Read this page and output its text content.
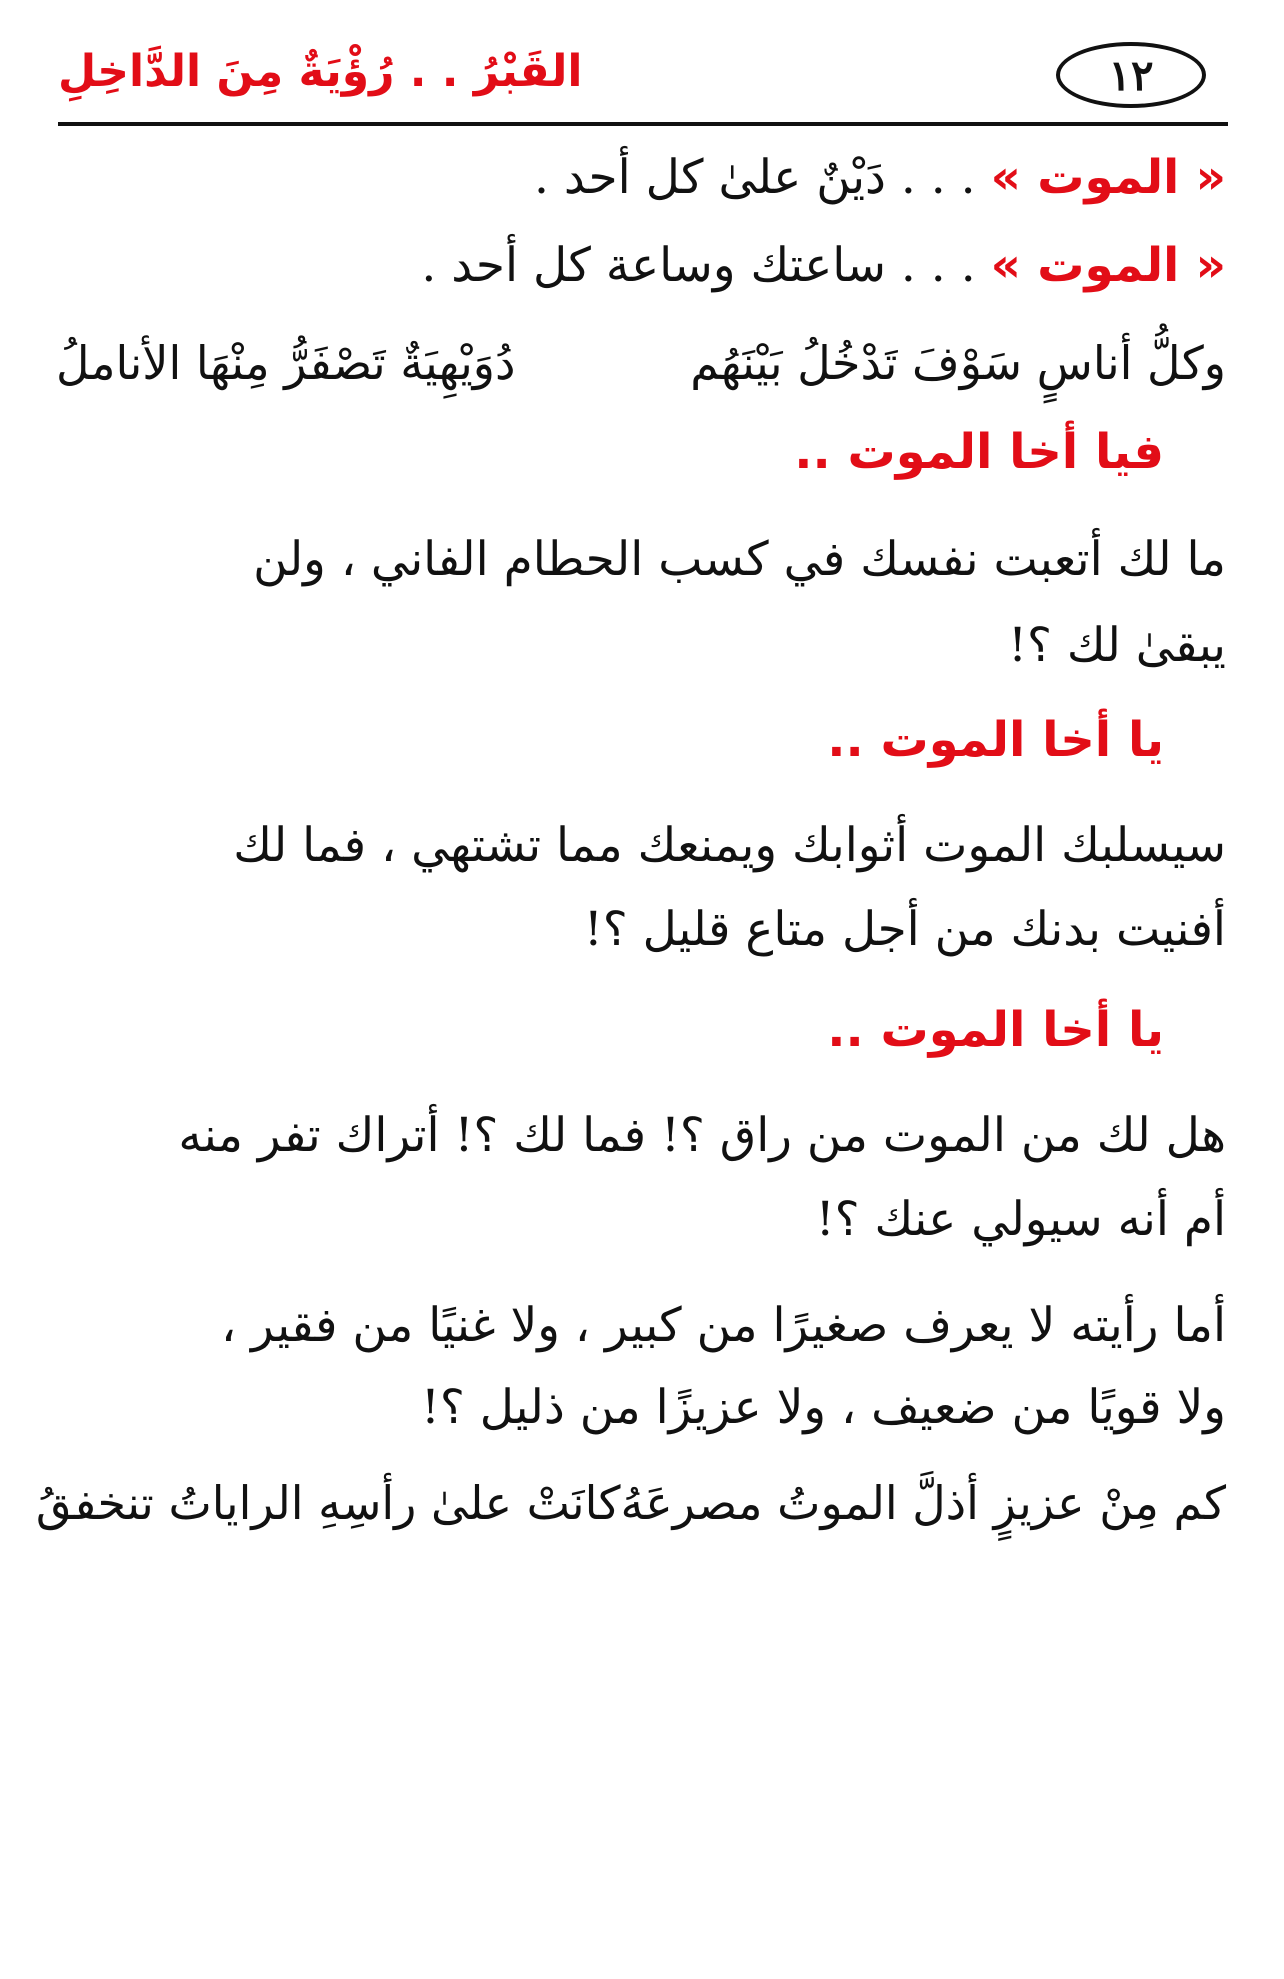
١٢
القَبْرُ . . رُؤْيَةٌ مِنَ الدَّاخِلِ
« الموت » . . . دَيْنٌ علىٰ كل أحد .
« الموت » . . . ساعتك وساعة كل أحد .
وكلُّ أناسٍ سَوْفَ تَدْخُلُ بَيْنَهُم
دُوَيْهِيَةٌ تَصْفَرُّ مِنْهَا الأناملُ
فيا أخا الموت ..
ما لك أتعبت نفسك في كسب الحطام الفاني ، ولن
يبقىٰ لك ؟!
يا أخا الموت ..
سيسلبك الموت أثوابك ويمنعك مما تشتهي ، فما لك
أفنيت بدنك من أجل متاع قليل ؟!
يا أخا الموت ..
هل لك من الموت من راق ؟! فما لك ؟! أتراك تفر منه
أم أنه سيولي عنك ؟!
أما رأيته لا يعرف صغيرًا من كبير ، ولا غنيًا من فقير ،
ولا قويًا من ضعيف ، ولا عزيزًا من ذليل ؟!
كم مِنْ عزيزٍ أذلَّ الموتُ مصرعَهُ
كانَتْ علىٰ رأسِهِ الراياتُ تنخفقُ
